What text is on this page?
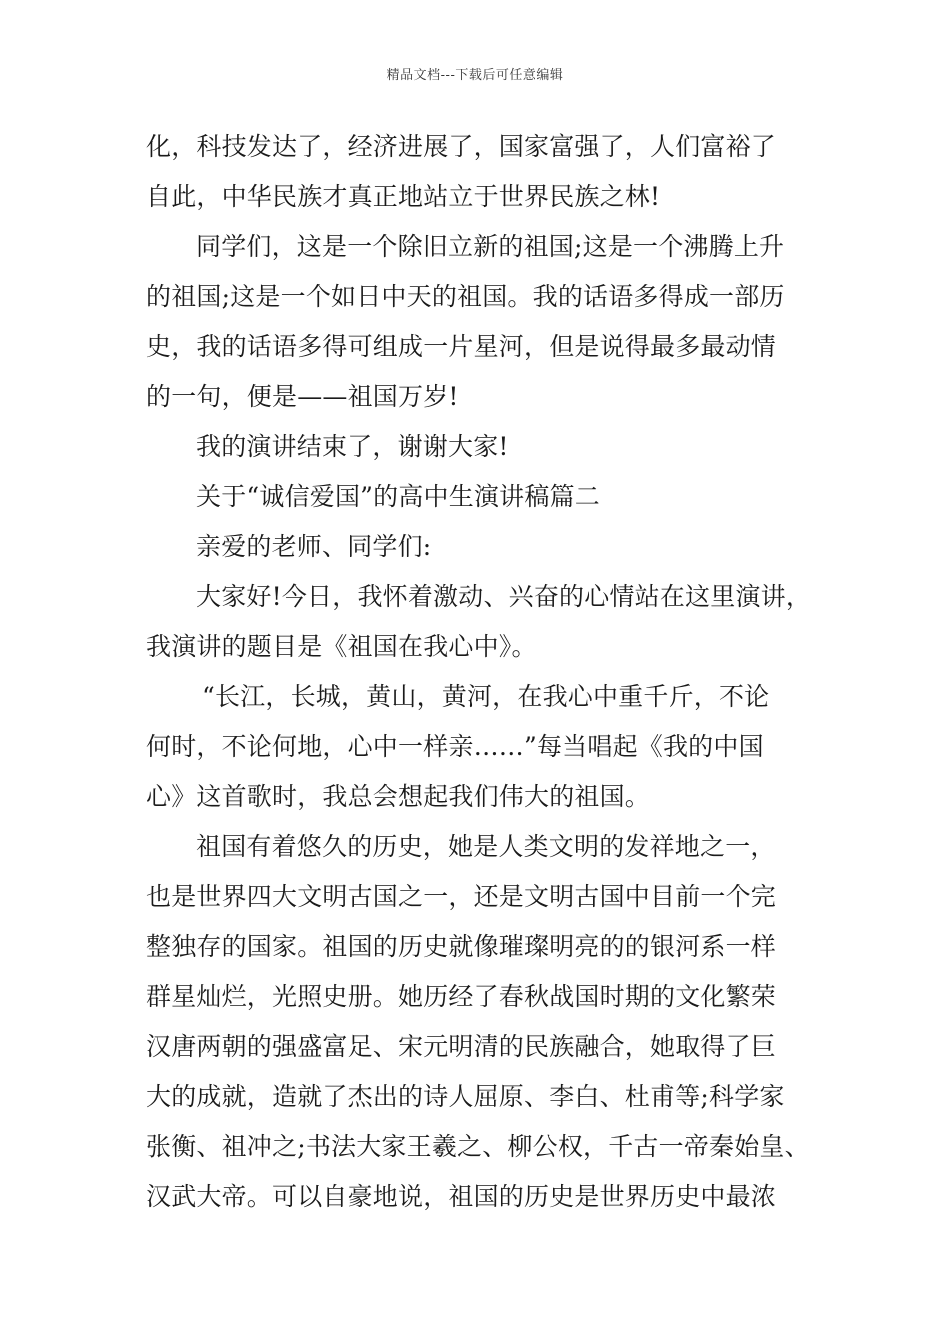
精品文档---下载后可任意编辑
化，科技发达了，经济进展了，国家富强了，人们富裕了
自此，中华民族才真正地站立于世界民族之林!
同学们，这是一个除旧立新的祖国;这是一个沸腾上升
的祖国;这是一个如日中天的祖国。我的话语多得成一部历
史，我的话语多得可组成一片星河，但是说得最多最动情
的一句，便是——祖国万岁!
我的演讲结束了，谢谢大家!
关于“诚信爱国”的高中生演讲稿篇二
亲爱的老师、同学们:
大家好!今日，我怀着激动、兴奋的心情站在这里演讲，
我演讲的题目是《祖国在我心中》。
“长江，长城，黄山，黄河，在我心中重千斤，不论
何时，不论何地，心中一样亲……”每当唱起《我的中国
心》这首歌时，我总会想起我们伟大的祖国。
祖国有着悠久的历史，她是人类文明的发祥地之一，
也是世界四大文明古国之一，还是文明古国中目前一个完
整独存的国家。祖国的历史就像璀璨明亮的的银河系一样
群星灿烂，光照史册。她历经了春秋战国时期的文化繁荣
汉唐两朝的强盛富足、宋元明清的民族融合，她取得了巨
大的成就，造就了杰出的诗人屈原、李白、杜甫等;科学家
张衡、祖冲之;书法大家王羲之、柳公权，千古一帝秦始皇、
汉武大帝。可以自豪地说，祖国的历史是世界历史中最浓
